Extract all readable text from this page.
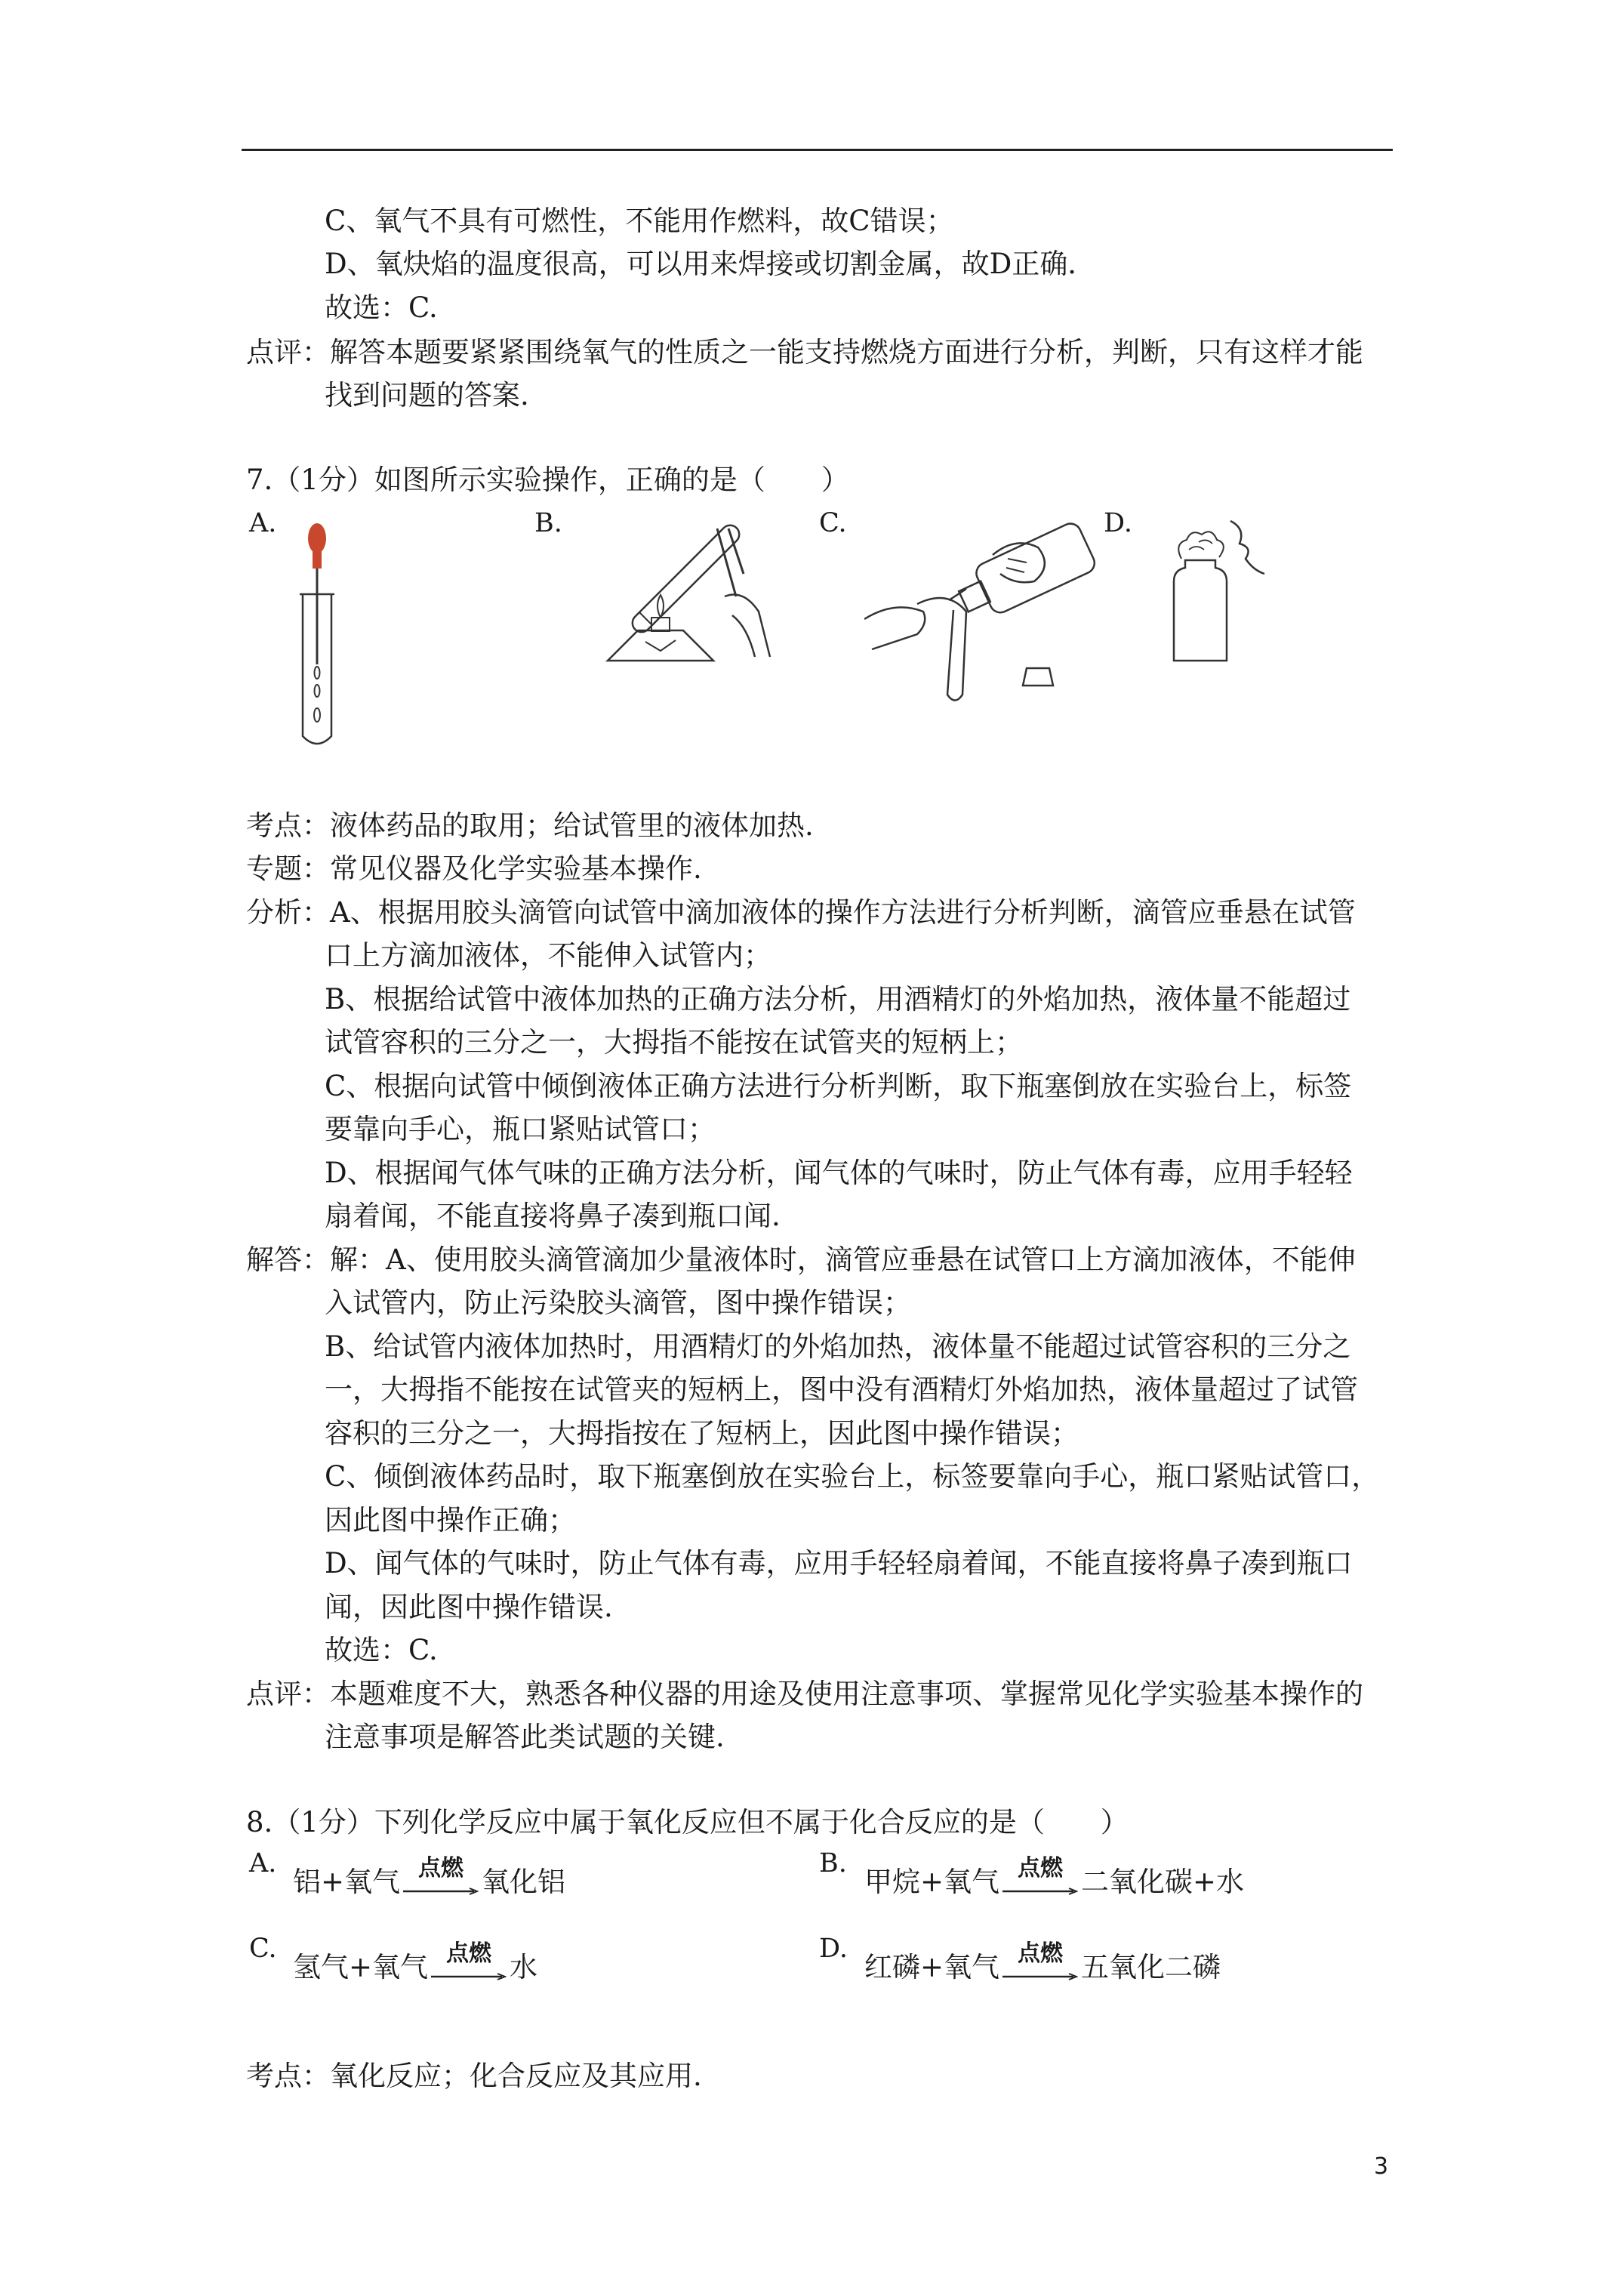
C、氧气不具有可燃性，不能用作燃料，故C错误；
D、氧炔焰的温度很高，可以用来焊接或切割金属，故D正确．
故选：C.
点评：解答本题要紧紧围绕氧气的性质之一能支持燃烧方面进行分析，判断，只有这样才能
找到问题的答案.
7.（1分）如图所示实验操作，正确的是（　　）
A.	B.	C.	D.
考点：液体药品的取用；给试管里的液体加热.
专题：常见仪器及化学实验基本操作.
分析：A、根据用胶头滴管向试管中滴加液体的操作方法进行分析判断，滴管应垂悬在试管
口上方滴加液体，不能伸入试管内；
B、根据给试管中液体加热的正确方法分析，用酒精灯的外焰加热，液体量不能超过
试管容积的三分之一，大拇指不能按在试管夹的短柄上；
C、根据向试管中倾倒液体正确方法进行分析判断，取下瓶塞倒放在实验台上，标签
要靠向手心，瓶口紧贴试管口；
D、根据闻气体气味的正确方法分析，闻气体的气味时，防止气体有毒，应用手轻轻
扇着闻，不能直接将鼻子凑到瓶口闻.
解答：解：A、使用胶头滴管滴加少量液体时，滴管应垂悬在试管口上方滴加液体，不能伸
入试管内，防止污染胶头滴管，图中操作错误；
B、给试管内液体加热时，用酒精灯的外焰加热，液体量不能超过试管容积的三分之
一，大拇指不能按在试管夹的短柄上，图中没有酒精灯外焰加热，液体量超过了试管
容积的三分之一，大拇指按在了短柄上，因此图中操作错误；
C、倾倒液体药品时，取下瓶塞倒放在实验台上，标签要靠向手心，瓶口紧贴试管口，
因此图中操作正确；
D、闻气体的气味时，防止气体有毒，应用手轻轻扇着闻，不能直接将鼻子凑到瓶口
闻，因此图中操作错误.
故选：C.
点评：本题难度不大，熟悉各种仪器的用途及使用注意事项、掌握常见化学实验基本操作的
注意事项是解答此类试题的关键.
8.（1分）下列化学反应中属于氧化反应但不属于化合反应的是（　　）
A.
铝+氧气 点燃 氧化铝
B.
甲烷+氧气 点燃 二氧化碳+水
C.
氢气+氧气 点燃 水
D.
红磷+氧气 点燃 五氧化二磷
考点：氧化反应；化合反应及其应用.
3
